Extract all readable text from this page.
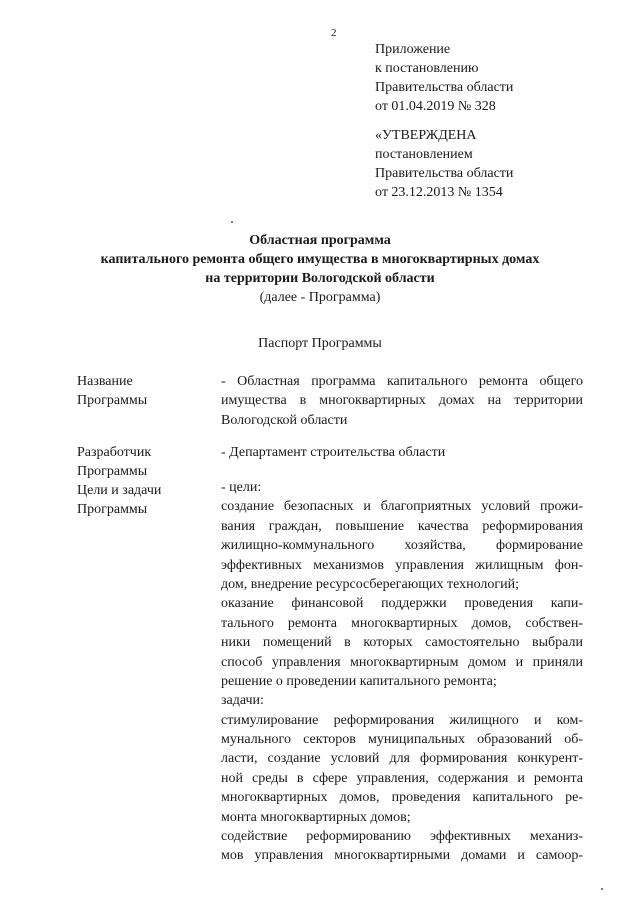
2
Приложение
к постановлению
Правительства области
от 01.04.2019 № 328
«УТВЕРЖДЕНА
постановлением
Правительства области
от 23.12.2013 № 1354
Областная программа
капитального ремонта общего имущества в многоквартирных домах
на территории Вологодской области
(далее - Программа)
Паспорт Программы
Название
Программы
- Областная программа капитального ремонта общего
имущества в многоквартирных домах на территории
Вологодской области
Разработчик
Программы
- Департамент строительства области
Цели и задачи
Программы
- цели:
создание безопасных и благоприятных условий прожи-
вания граждан, повышение качества реформирования
жилищно-коммунального хозяйства, формирование
эффективных механизмов управления жилищным фон-
дом, внедрение ресурсосберегающих технологий;
оказание финансовой поддержки проведения капи-
тального ремонта многоквартирных домов, собствен-
ники помещений в которых самостоятельно выбрали
способ управления многоквартирным домом и приняли
решение о проведении капитального ремонта;
задачи:
стимулирование реформирования жилищного и ком-
мунального секторов муниципальных образований об-
ласти, создание условий для формирования конкурент-
ной среды в сфере управления, содержания и ремонта
многоквартирных домов, проведения капитального ре-
монта многоквартирных домов;
содействие реформированию эффективных механиз-
мов управления многоквартирными домами и самоор-
